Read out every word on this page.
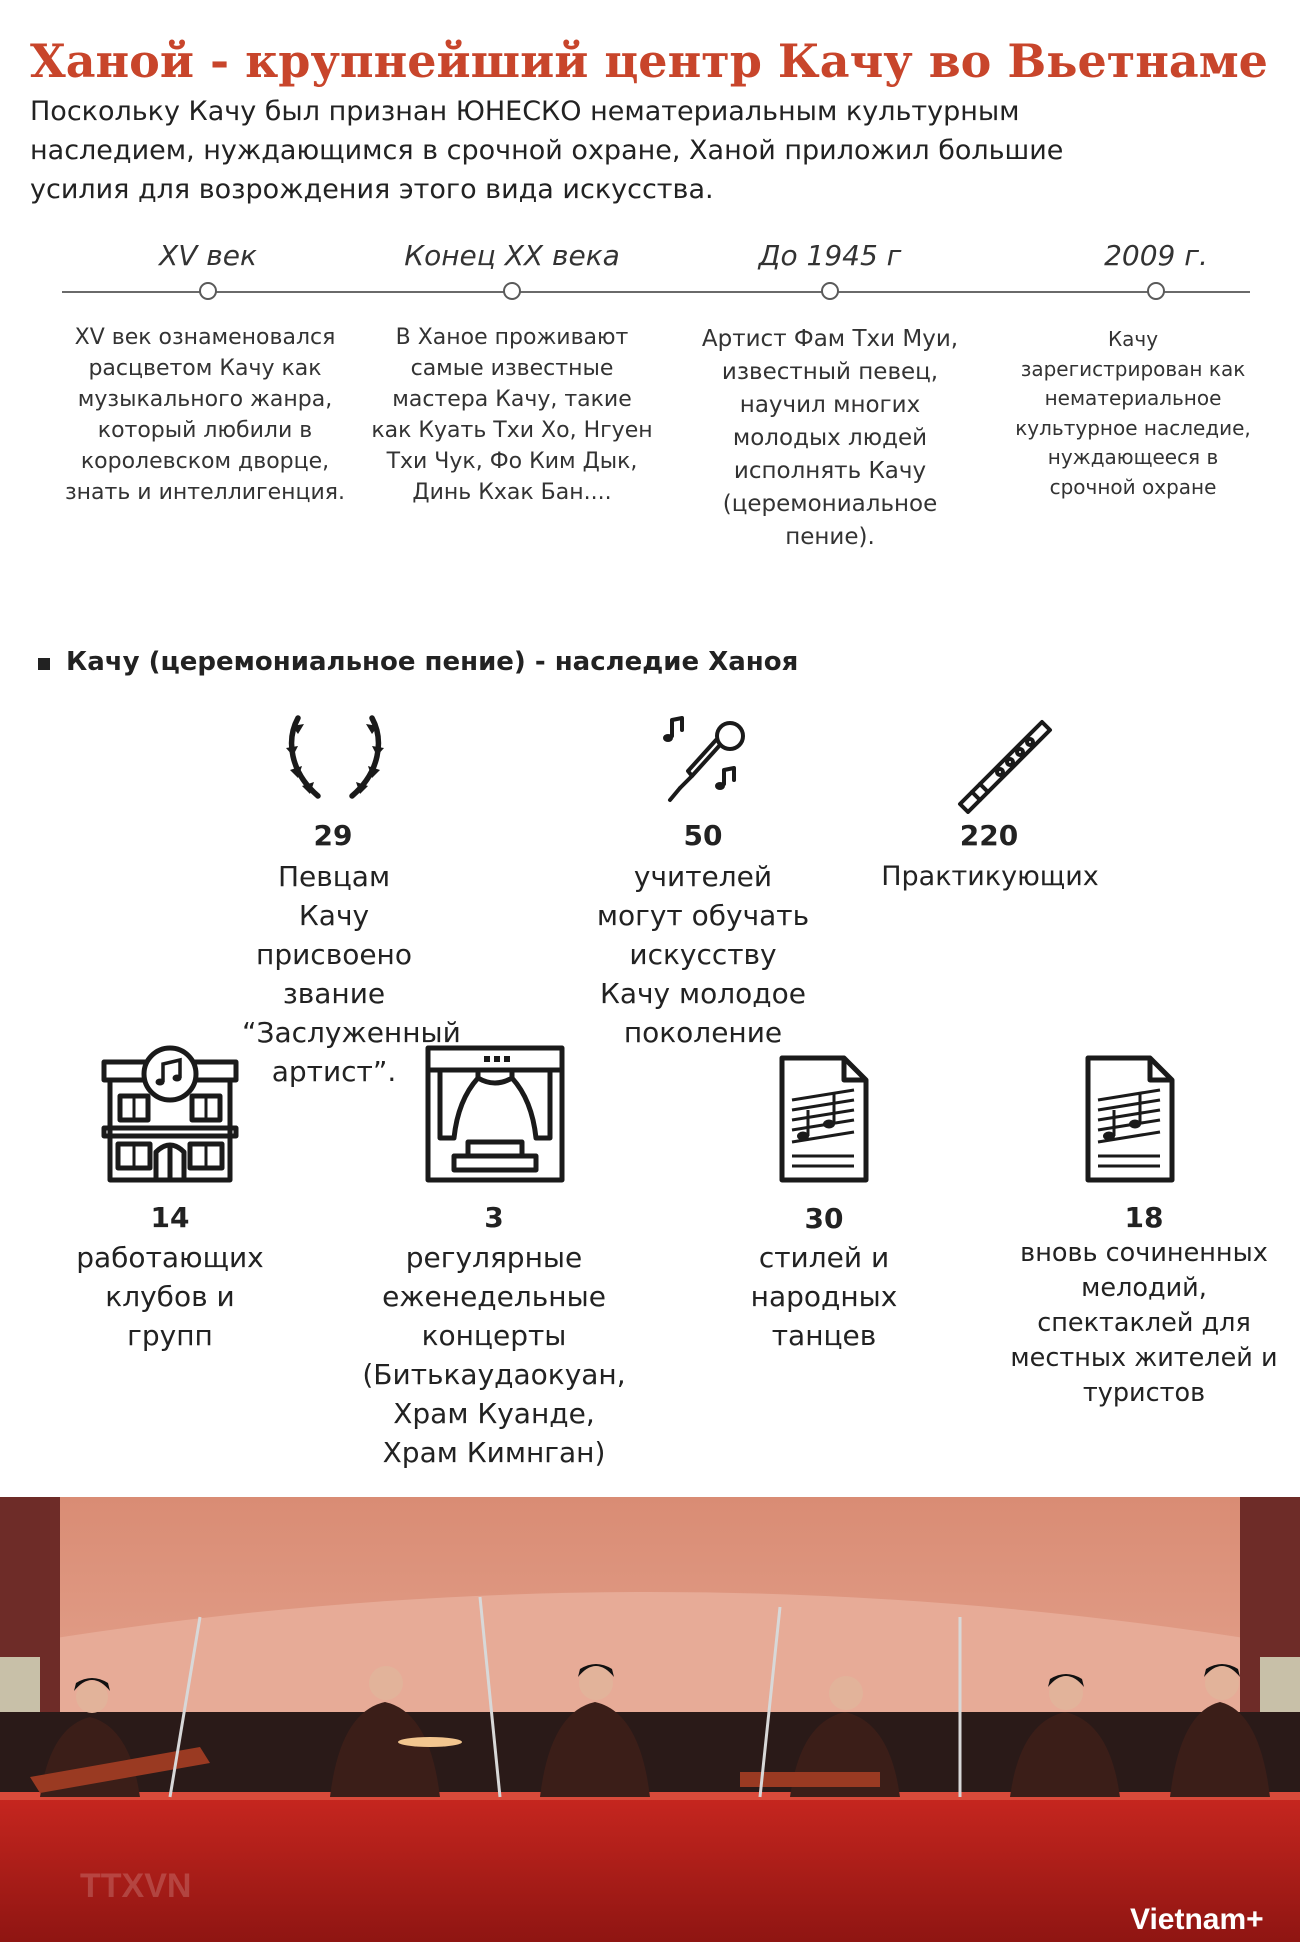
Ханой - крупнейший центр Качу во Вьетнаме

Поскольку Качу был признан ЮНЕСКО нематериальным культурным наследием, нуждающимся в срочной охране, Ханой приложил большие усилия для возрождения этого вида искусства.

XV век

XV век ознаменовался расцветом Качу как музыкального жанра, который любили в королевском дворце, знать и интеллигенция.

Конец XX века

В Ханое проживают самые известные мастера Качу, такие как Куать Тхи Хо, Нгуен Тхи Чук, Фо Ким Дык, Динь Кхак Бан....

До 1945 г

Артист Фам Тхи Муи, известный певец, научил многих молодых людей исполнять Качу (церемониальное пение).

2009 г.

Качу зарегистрирован как нематериальное культурное наследие, нуждающееся в срочной охране

Качу (церемониальное пение) - наследие Ханоя
29

Певцам Качу присвоено звание “Заслуженный артист”.

50

учителей могут обучать искусству Качу молодое поколение

220

Практикующих

14

работающих клубов и групп

3

регулярные еженедельные концерты (Битькаудаокуан, Храм Куанде, Храм Кимнган)

30

стилей и народных танцев

18

вновь сочиненных мелодий, спектаклей для местных жителей и туристов

Vietnam+
TTXVN
